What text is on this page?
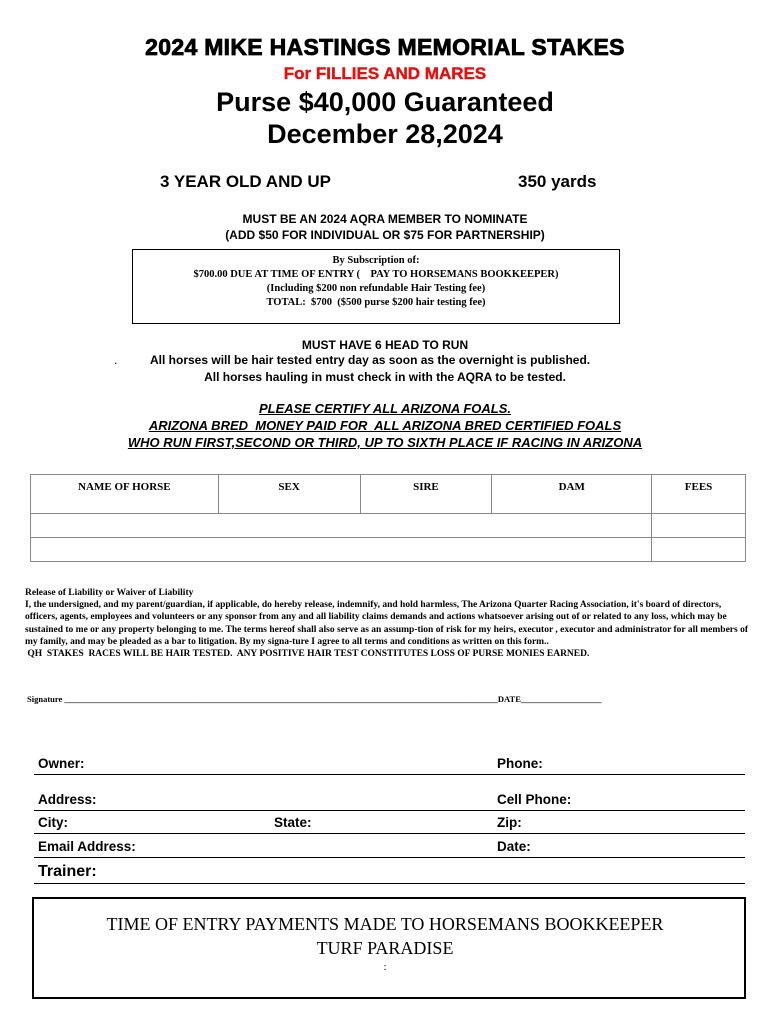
2024 MIKE HASTINGS MEMORIAL STAKES
For FILLIES AND MARES
Purse $40,000 Guaranteed
December 28,2024
3 YEAR OLD AND UP	350 yards
MUST BE AN 2024 AQRA MEMBER TO NOMINATE
(ADD $50 FOR INDIVIDUAL OR $75 FOR PARTNERSHIP)
By Subscription of:
$700.00 DUE AT TIME OF ENTRY (    PAY TO HORSEMANS BOOKKEEPER)
(Including $200 non refundable Hair Testing fee)
TOTAL:  $700  ($500 purse $200 hair testing fee)
MUST HAVE 6 HEAD TO RUN
.	All horses will be hair tested entry day as soon as the overnight is published.
All horses hauling in must check in with the AQRA to be tested.
PLEASE CERTIFY ALL ARIZONA FOALS.
ARIZONA BRED  MONEY PAID FOR  ALL ARIZONA BRED CERTIFIED FOALS
WHO RUN FIRST,SECOND OR THIRD, UP TO SIXTH PLACE IF RACING IN ARIZONA
NAME OF HORSE	SEX	SIRE	DAM	FEES

Release of Liability or Waiver of Liability

I, the undersigned, and my parent/guardian, if applicable, do hereby release, indemnify, and hold harmless, The Arizona Quarter Racing Association, it's board of directors, officers, agents, employees and volunteers or any sponsor from any and all liability claims demands and actions whatsoever arising out of or related to any loss, which may be sustained to me or any property belonging to me. The terms hereof shall also serve as an assump-tion of risk for my heirs, executor , executor and administrator for all members of my family, and may be pleaded as a bar to litigation. By my signa-ture I agree to all terms and conditions as written on this form..

QH  STAKES  RACES WILL BE HAIR TESTED.  ANY POSITIVE HAIR TEST CONSTITUTES LOSS OF PURSE MONIES EARNED.

Signature ______________________________________________________________________________________________________DATE___________________
Owner:	Phone:
Address:	Cell Phone:
City:	State:	Zip:
Email Address:	Date:
Trainer:
TIME OF ENTRY PAYMENTS MADE TO HORSEMANS BOOKKEEPER
TURF PARADISE
:
